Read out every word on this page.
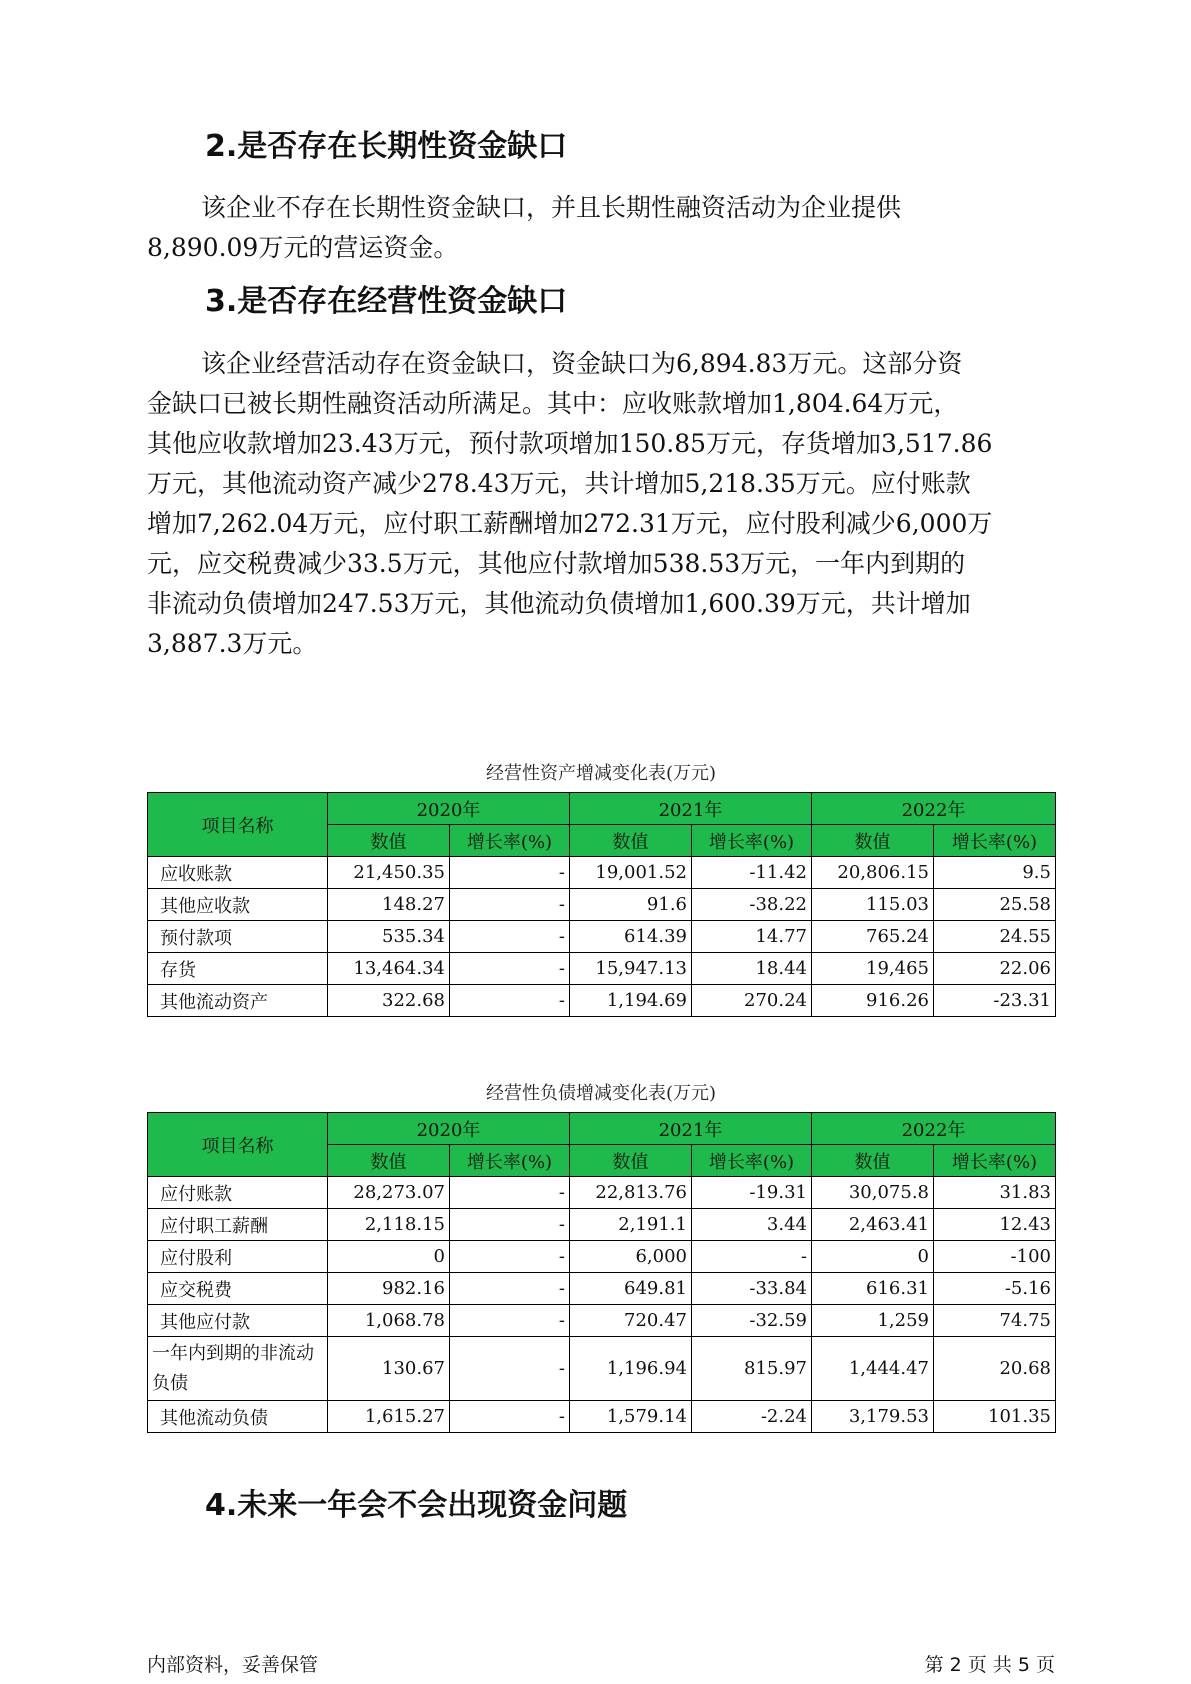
2.是否存在长期性资金缺口

该企业不存在长期性资金缺口，并且长期性融资活动为企业提供
8,890.09万元的营运资金。

3.是否存在经营性资金缺口

该企业经营活动存在资金缺口，资金缺口为6,894.83万元。这部分资
金缺口已被长期性融资活动所满足。其中：应收账款增加1,804.64万元，
其他应收款增加23.43万元，预付款项增加150.85万元，存货增加3,517.86
万元，其他流动资产减少278.43万元，共计增加5,218.35万元。应付账款
增加7,262.04万元，应付职工薪酬增加272.31万元，应付股利减少6,000万
元，应交税费减少33.5万元，其他应付款增加538.53万元，一年内到期的
非流动负债增加247.53万元，其他流动负债增加1,600.39万元，共计增加
3,887.3万元。

经营性资产增减变化表(万元)
项目名称	2020年		2021年		2022年	
	数值	增长率(%)	数值	增长率(%)	数值	增长率(%)
应收账款	21,450.35	-	19,001.52	-11.42	20,806.15	9.5
其他应收款	148.27	-	91.6	-38.22	115.03	25.58
预付款项	535.34	-	614.39	14.77	765.24	24.55
存货	13,464.34	-	15,947.13	18.44	19,465	22.06
其他流动资产	322.68	-	1,194.69	270.24	916.26	-23.31
经营性负债增减变化表(万元)
项目名称	2020年		2021年		2022年	
	数值	增长率(%)	数值	增长率(%)	数值	增长率(%)
应付账款	28,273.07	-	22,813.76	-19.31	30,075.8	31.83
应付职工薪酬	2,118.15	-	2,191.1	3.44	2,463.41	12.43
应付股利	0	-	6,000	-	0	-100
应交税费	982.16	-	649.81	-33.84	616.31	-5.16
其他应付款	1,068.78	-	720.47	-32.59	1,259	74.75
一年内到期的非流动负债	130.67	-	1,196.94	815.97	1,444.47	20.68
其他流动负债	1,615.27	-	1,579.14	-2.24	3,179.53	101.35
4.未来一年会不会出现资金问题
内部资料，妥善保管	第 2 页 共 5 页
